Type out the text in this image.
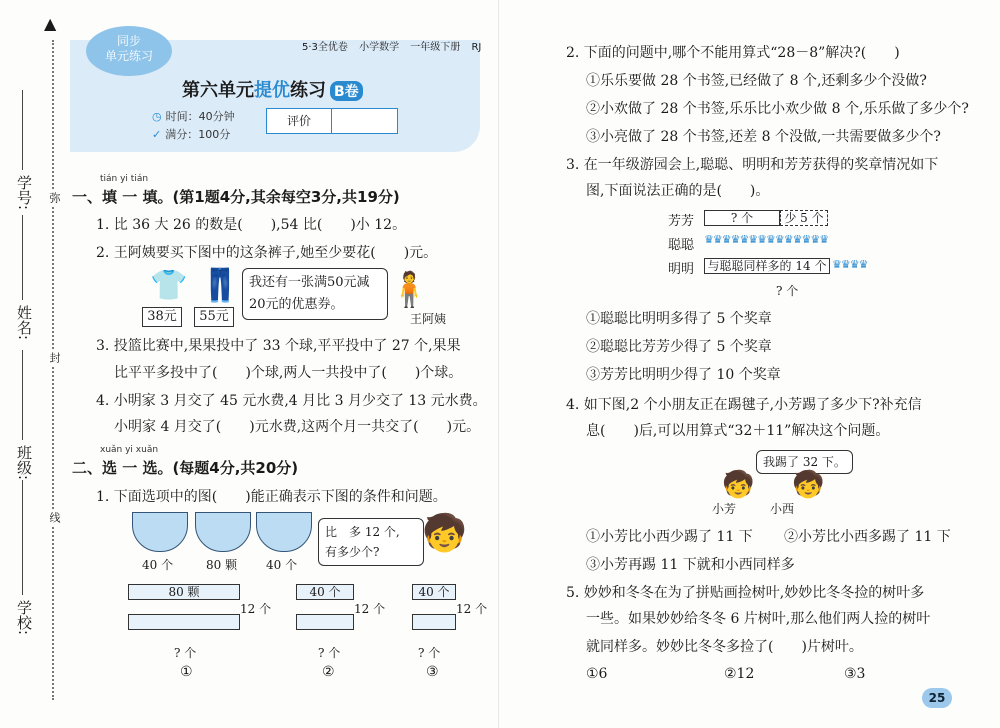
▲
弥
封
线
学号:
姓名:
班级:
学校:
同步
单元练习
5·3全优卷 小学数学 一年级下册 RJ
第六单元提优练习 B卷
◷ 时间：40分钟
✓ 满分：100分
评价
tián yi tián
一、填 一 填。(第1题4分,其余每空3分,共19分)
1. 比 36 大 26 的数是(　　),54 比(　　)小 12。
2. 王阿姨要买下图中的这条裤子,她至少要花(　　)元。
👕 👖
38元	55元
我还有一张满50元减
20元的优惠券。	🧍
王阿姨
3. 投篮比赛中,果果投中了 33 个球,平平投中了 27 个,果果
比平平多投中了(　　)个球,两人一共投中了(　　)个球。
4. 小明家 3 月交了 45 元水费,4 月比 3 月少交了 13 元水费。
小明家 4 月交了(　　)元水费,这两个月一共交了(　　)元。
xuǎn yi xuǎn
二、选 一 选。(每题4分,共20分)
1. 下面选项中的图(　　)能正确表示下图的条件和问题。
40 个	80 颗 40 个
比　多 12 个,
有多少个?	🧒
80 颗
12 个
? 个
①
40 个
12 个
? 个
②
40 个
12 个
? 个
③
2. 下面的问题中,哪个不能用算式“28－8”解决?(　　)
①乐乐要做 28 个书签,已经做了 8 个,还剩多少个没做?
②小欢做了 28 个书签,乐乐比小欢少做 8 个,乐乐做了多少个?
③小亮做了 28 个书签,还差 8 个没做,一共需要做多少个?
3. 在一年级游园会上,聪聪、明明和芳芳获得的奖章情况如下
图,下面说法正确的是(　　)。
芳芳
聪聪
明明
? 个	少 5 个
♛♛♛♛♛♛♛♛♛♛♛♛♛♛
与聪聪同样多的 14 个 ♛♛♛♛
? 个
①聪聪比明明多得了 5 个奖章
②聪聪比芳芳少得了 5 个奖章
③芳芳比明明少得了 10 个奖章
4. 如下图,2 个小朋友正在踢毽子,小芳踢了多少下?补充信
息(　　)后,可以用算式“32＋11”解决这个问题。
我踢了 32 下。
🧒 🧒
小芳	小西
①小芳比小西少踢了 11 下 ②小芳比小西多踢了 11 下
③小芳再踢 11 下就和小西同样多
5. 妙妙和冬冬在为了拼贴画捡树叶,妙妙比冬冬捡的树叶多
一些。如果妙妙给冬冬 6 片树叶,那么他们两人捡的树叶
就同样多。妙妙比冬冬多捡了(　　)片树叶。
①6	②12	③3
25
